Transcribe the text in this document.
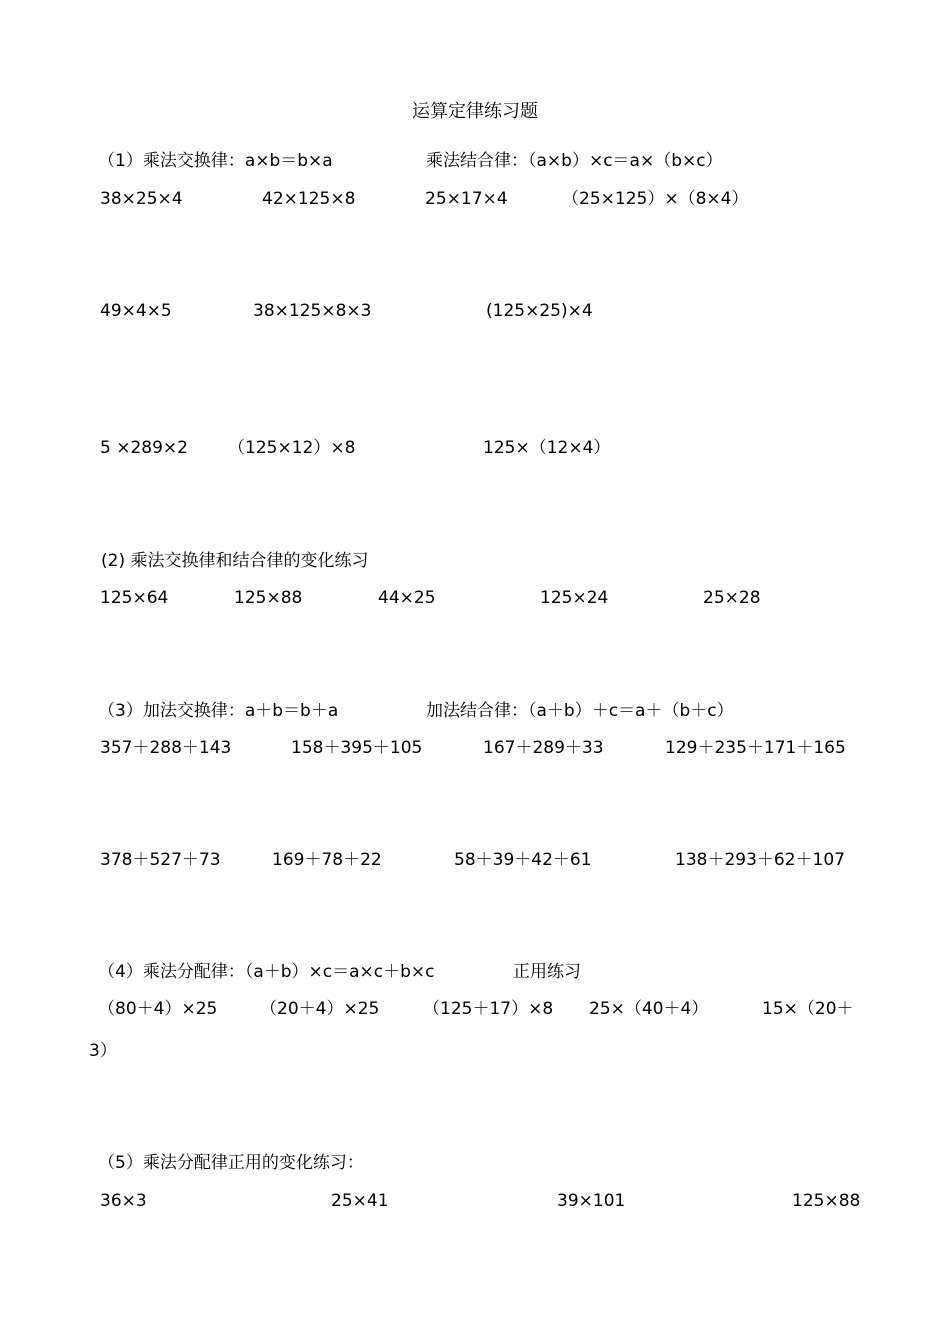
运算定律练习题
（1）乘法交换律：a×b＝b×a	乘法结合律：（a×b）×c＝a×（b×c）
38×25×4	42×125×8	25×17×4	（25×125）×（8×4）
49×4×5	38×125×8×3	(125×25)×4
5 ×289×2 （125×12）×8	125×（12×4）
(2) 乘法交换律和结合律的变化练习
125×64	125×88	44×25	125×24	25×28
（3）加法交换律：a＋b＝b＋a	加法结合律：（a＋b）＋c＝a＋（b＋c）
357＋288＋143	158＋395＋105	167＋289＋33	129＋235＋171＋165
378＋527＋73	169＋78＋22	58＋39＋42＋61	138＋293＋62＋107
（4）乘法分配律：（a＋b）×c＝a×c＋b×c	正用练习
（80＋4）×25	（20＋4）×25	（125＋17）×8 25×（40＋4）	15×（20＋
3）
（5）乘法分配律正用的变化练习：
36×3	25×41	39×101	125×88
